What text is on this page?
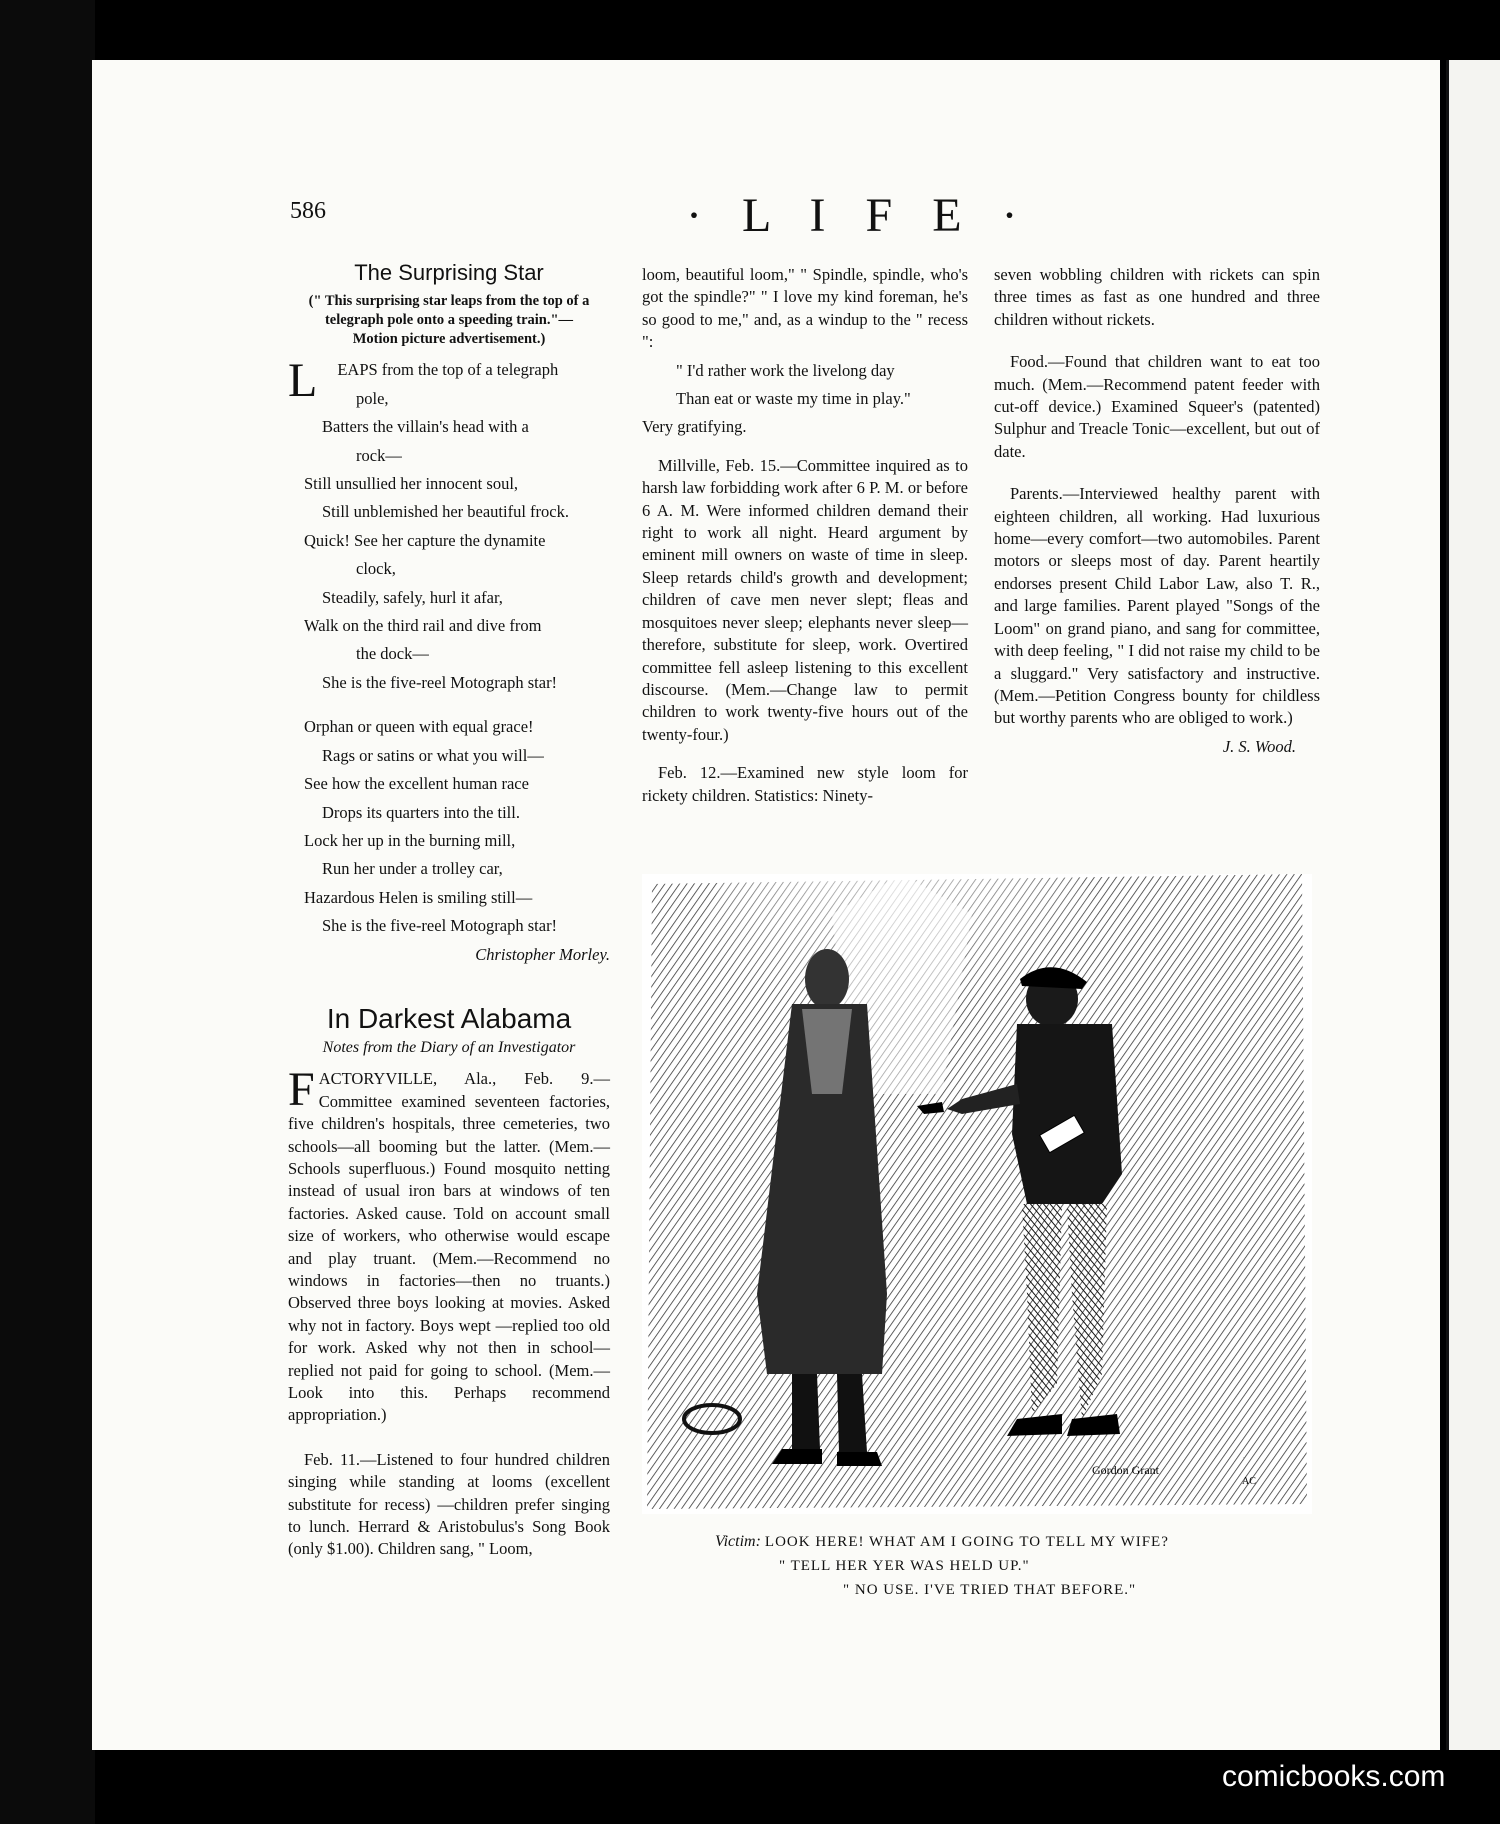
586	· L I F E ·
The Surprising Star
(" This surprising star leaps from the top of a telegraph pole onto a speeding train."—Motion picture advertisement.)
L	EAPS from the top of a telegraph

pole,

Batters the villain's head with a

rock—

Still unsullied her innocent soul,

Still unblemished her beautiful frock.

Quick! See her capture the dynamite

clock,

Steadily, safely, hurl it afar,

Walk on the third rail and dive from

the dock—

She is the five-reel Motograph star!

Orphan or queen with equal grace!

Rags or satins or what you will—

See how the excellent human race

Drops its quarters into the till.

Lock her up in the burning mill,

Run her under a trolley car,

Hazardous Helen is smiling still—

She is the five-reel Motograph star!

Christopher Morley.
In Darkest Alabama
Notes from the Diary of an Investigator
F ACTORYVILLE, Ala., Feb. 9.—Committee examined seventeen factories, five children's hospitals, three cemeteries, two schools—all booming but the latter. (Mem.—Schools superfluous.) Found mosquito netting instead of usual iron bars at windows of ten factories. Asked cause. Told on account small size of workers, who otherwise would escape and play truant. (Mem.—Recommend no windows in factories—then no truants.) Observed three boys looking at movies. Asked why not in factory. Boys wept —replied too old for work. Asked why not then in school—replied not paid for going to school. (Mem.—Look into this. Perhaps recommend appropriation.)

Feb. 11.—Listened to four hundred children singing while standing at looms (excellent substitute for recess) —children prefer singing to lunch. Herrard & Aristobulus's Song Book (only $1.00). Children sang, " Loom,

loom, beautiful loom," " Spindle, spindle, who's got the spindle?" " I love my kind foreman, he's so good to me," and, as a windup to the " recess ":

" I'd rather work the livelong day

Than eat or waste my time in play."

Very gratifying.

Millville, Feb. 15.—Committee inquired as to harsh law forbidding work after 6 P. M. or before 6 A. M. Were informed children demand their right to work all night. Heard argument by eminent mill owners on waste of time in sleep. Sleep retards child's growth and development; children of cave men never slept; fleas and mosquitoes never sleep; elephants never sleep—therefore, substitute for sleep, work. Overtired committee fell asleep listening to this excellent discourse. (Mem.—Change law to permit children to work twenty-five hours out of the twenty-four.)

Feb. 12.—Examined new style loom for rickety children. Statistics: Ninety-

seven wobbling children with rickets can spin three times as fast as one hundred and three children without rickets.

Food.—Found that children want to eat too much. (Mem.—Recommend patent feeder with cut-off device.) Examined Squeer's (patented) Sulphur and Treacle Tonic—excellent, but out of date.

Parents.—Interviewed healthy parent with eighteen children, all working. Had luxurious home—every comfort—two automobiles. Parent motors or sleeps most of day. Parent heartily endorses present Child Labor Law, also T. R., and large families. Parent played "Songs of the Loom" on grand piano, and sang for committee, with deep feeling, " I did not raise my child to be a sluggard." Very satisfactory and instructive. (Mem.—Petition Congress bounty for childless but worthy parents who are obliged to work.)

J. S. Wood.
Gordon Grant
AC
Victim: LOOK HERE! WHAT AM I GOING TO TELL MY WIFE?
" TELL HER YER WAS HELD UP."
" NO USE. I'VE TRIED THAT BEFORE."
comicbooks.com
